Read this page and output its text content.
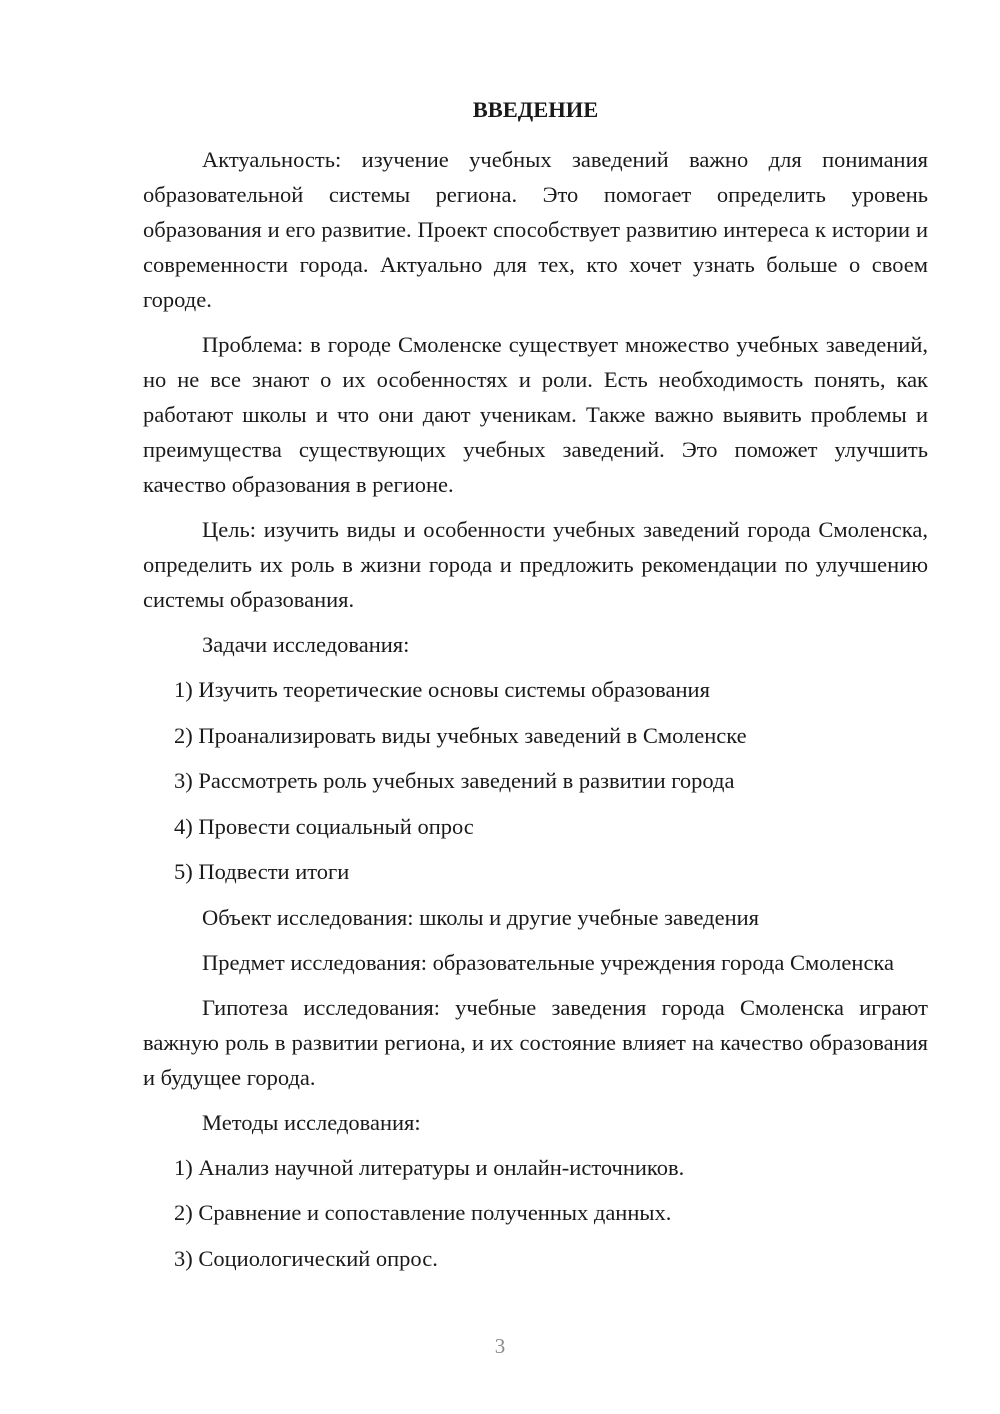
ВВЕДЕНИЕ

Актуальность: изучение учебных заведений важно для понимания образовательной системы региона. Это помогает определить уровень образования и его развитие. Проект способствует развитию интереса к истории и современности города. Актуально для тех, кто хочет узнать больше о своем городе.

Проблема: в городе Смоленске существует множество учебных заведений, но не все знают о их особенностях и роли. Есть необходимость понять, как работают школы и что они дают ученикам. Также важно выявить проблемы и преимущества существующих учебных заведений. Это поможет улучшить качество образования в регионе.

Цель: изучить виды и особенности учебных заведений города Смоленска, определить их роль в жизни города и предложить рекомендации по улучшению системы образования.

Задачи исследования:

1) Изучить теоретические основы системы образования
2) Проанализировать виды учебных заведений в Смоленске
3) Рассмотреть роль учебных заведений в развитии города
4) Провести социальный опрос
5) Подвести итоги

Объект исследования: школы и другие учебные заведения

Предмет исследования: образовательные учреждения города Смоленска

Гипотеза исследования: учебные заведения города Смоленска играют важную роль в развитии региона, и их состояние влияет на качество образования и будущее города.

Методы исследования:

1) Анализ научной литературы и онлайн-источников.
2) Сравнение и сопоставление полученных данных.
3) Социологический опрос.
3
